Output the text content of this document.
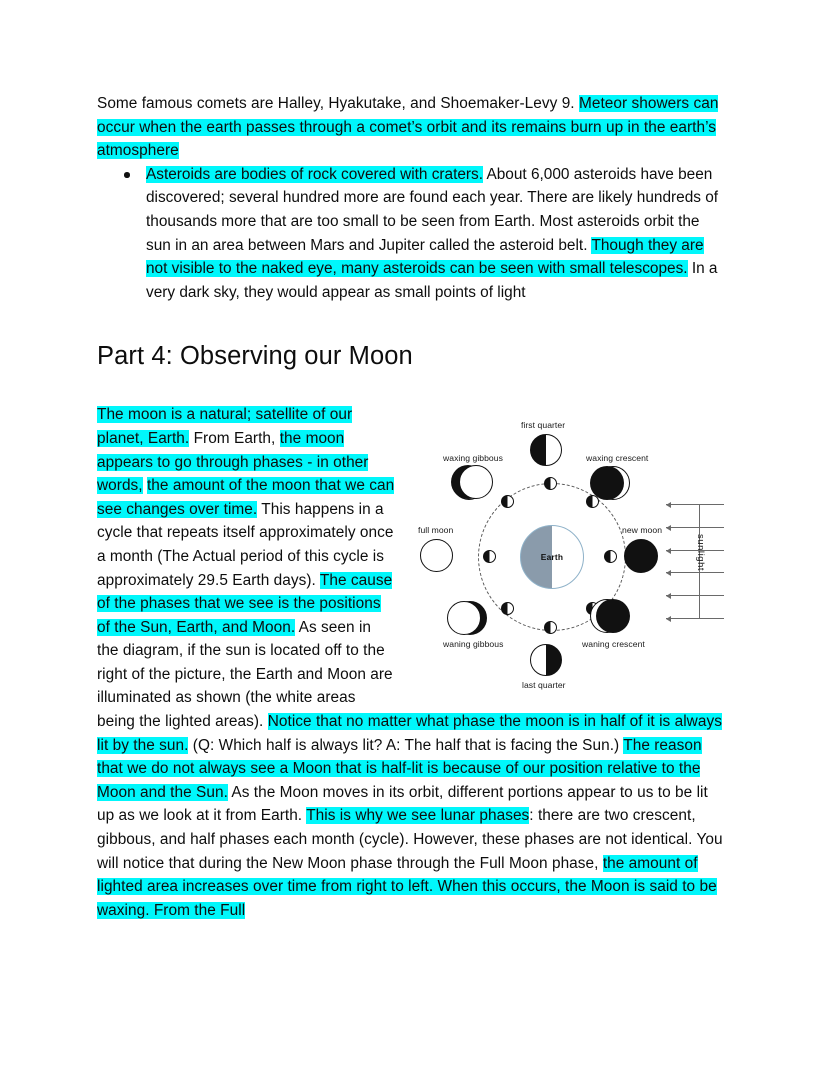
Some famous comets are Halley, Hyakutake, and Shoemaker-Levy 9. Meteor showers can occur when the earth passes through a comet’s orbit and its remains burn up in the earth’s atmosphere

Asteroids are bodies of rock covered with craters. About 6,000 asteroids have been discovered; several hundred more are found each year. There are likely hundreds of thousands more that are too small to be seen from Earth. Most asteroids orbit the sun in an area between Mars and Jupiter called the asteroid belt. Though they are not visible to the naked eye, many asteroids can be seen with small telescopes. In a very dark sky, they would appear as small points of light
Part 4: Observing our Moon
Earth
first quarter
waxing gibbous	waxing crescent
full moon	new moon
waning gibbous	waning crescent
last quarter
sunlight
The moon is a natural; satellite of our planet, Earth. From Earth, the moon appears to go through phases - in other words, the amount of the moon that we can see changes over time. This happens in a cycle that repeats itself approximately once a month (The Actual period of this cycle is approximately 29.5 Earth days). The cause of the phases that we see is the positions of the Sun, Earth, and Moon. As seen in the diagram, if the sun is located off to the right of the picture, the Earth and Moon are illuminated as shown (the white areas being the lighted areas). Notice that no matter what phase the moon is in half of it is always lit by the sun. (Q: Which half is always lit? A: The half that is facing the Sun.) The reason that we do not always see a Moon that is half-lit is because of our position relative to the Moon and the Sun. As the Moon moves in its orbit, different portions appear to us to be lit up as we look at it from Earth. This is why we see lunar phases: there are two crescent, gibbous, and half phases each month (cycle). However, these phases are not identical. You will notice that during the New Moon phase through the Full Moon phase, the amount of lighted area increases over time from right to left. When this occurs, the Moon is said to be waxing. From the Full
